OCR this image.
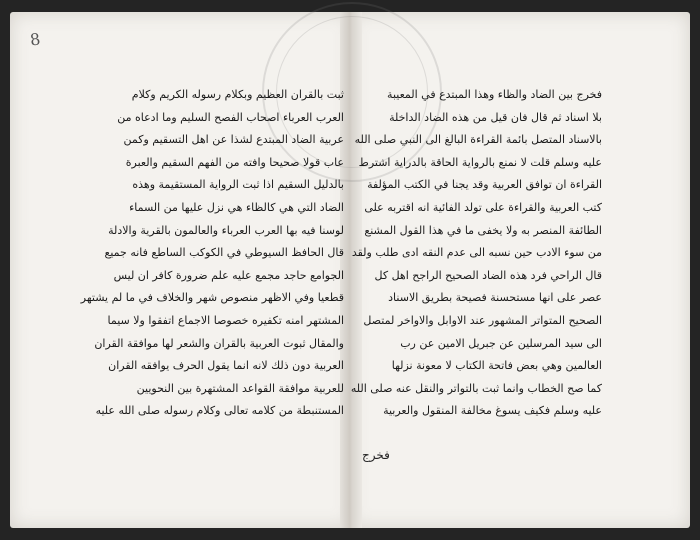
8
ثبت بالقران العظيم وبكلام رسوله الكريم وكلام
العرب العرباء اصحاب الفصح السليم وما ادعاه من
عربية الضاد المبتدع لشذا عن اهل التسقيم وكمن
عاب قولا صحيحا وافته من الفهم السقيم والعبرة
بالدليل السقيم اذا ثبت الرواية المستقيمة وهذه
الضاد التي هي كالظاء هي نزل عليها من السماء
لوسنا فيه بها العرب العرباء والعالمون بالقرية والادلة
قال الحافظ السيوطي في الكوكب الساطع فانه جميع
الجوامع حاجد مجمع عليه علم ضرورة كافر ان ليس
قطعيا وفي الاظهر منصوص شهر والخلاف في ما لم يشتهر
المشتهر امنه تكفيره خصوصا الاجماع اتفقوا ولا سيما
والمقال ثبوت العربية بالقران والشعر لها موافقة القران
العربية دون ذلك لانه انما يقول الحرف يوافقه القران
للعربية موافقة القواعد المشتهرة بين النحويين
المستنبطة من كلامه تعالى وكلام رسوله صلى الله عليه
فخرج بين الضاد والظاء وهذا المبتدع في المعيبة
بلا اسناد ثم قال فان قيل من هذه الضاد الداخلة
بالاسناد المتصل بائمة القراءة البالغ الى النبي صلى الله
عليه وسلم قلت لا نمنع بالرواية الحاقة بالدراية اشترط
القراءة ان توافق العربية وقد يجنا في الكتب المؤلفة
كتب العربية والقراءة على تولد الفائية انه اقتربه على
الطائفة المنصر به ولا يخفى ما في هذا القول المشنع
من سوء الادب حين نسبه الى عدم النقه ادى طلب ولقد
قال الراحي فرد هذه الضاد الصحيح الراجح اهل كل
عصر على انها مستحسنة فصيحة بطريق الاسناد
الصحيح المتواتر المشهور عند الاوابل والاواخر لمتصل
الى سيد المرسلين عن جبريل الامين عن رب
العالمين وهي بعض فاتحة الكتاب لا معونة نزلها
كما صح الخطاب وانما ثبت بالتواتر والنقل عنه صلى الله
عليه وسلم فكيف يسوغ مخالفة المنقول والعربية
فخرج
